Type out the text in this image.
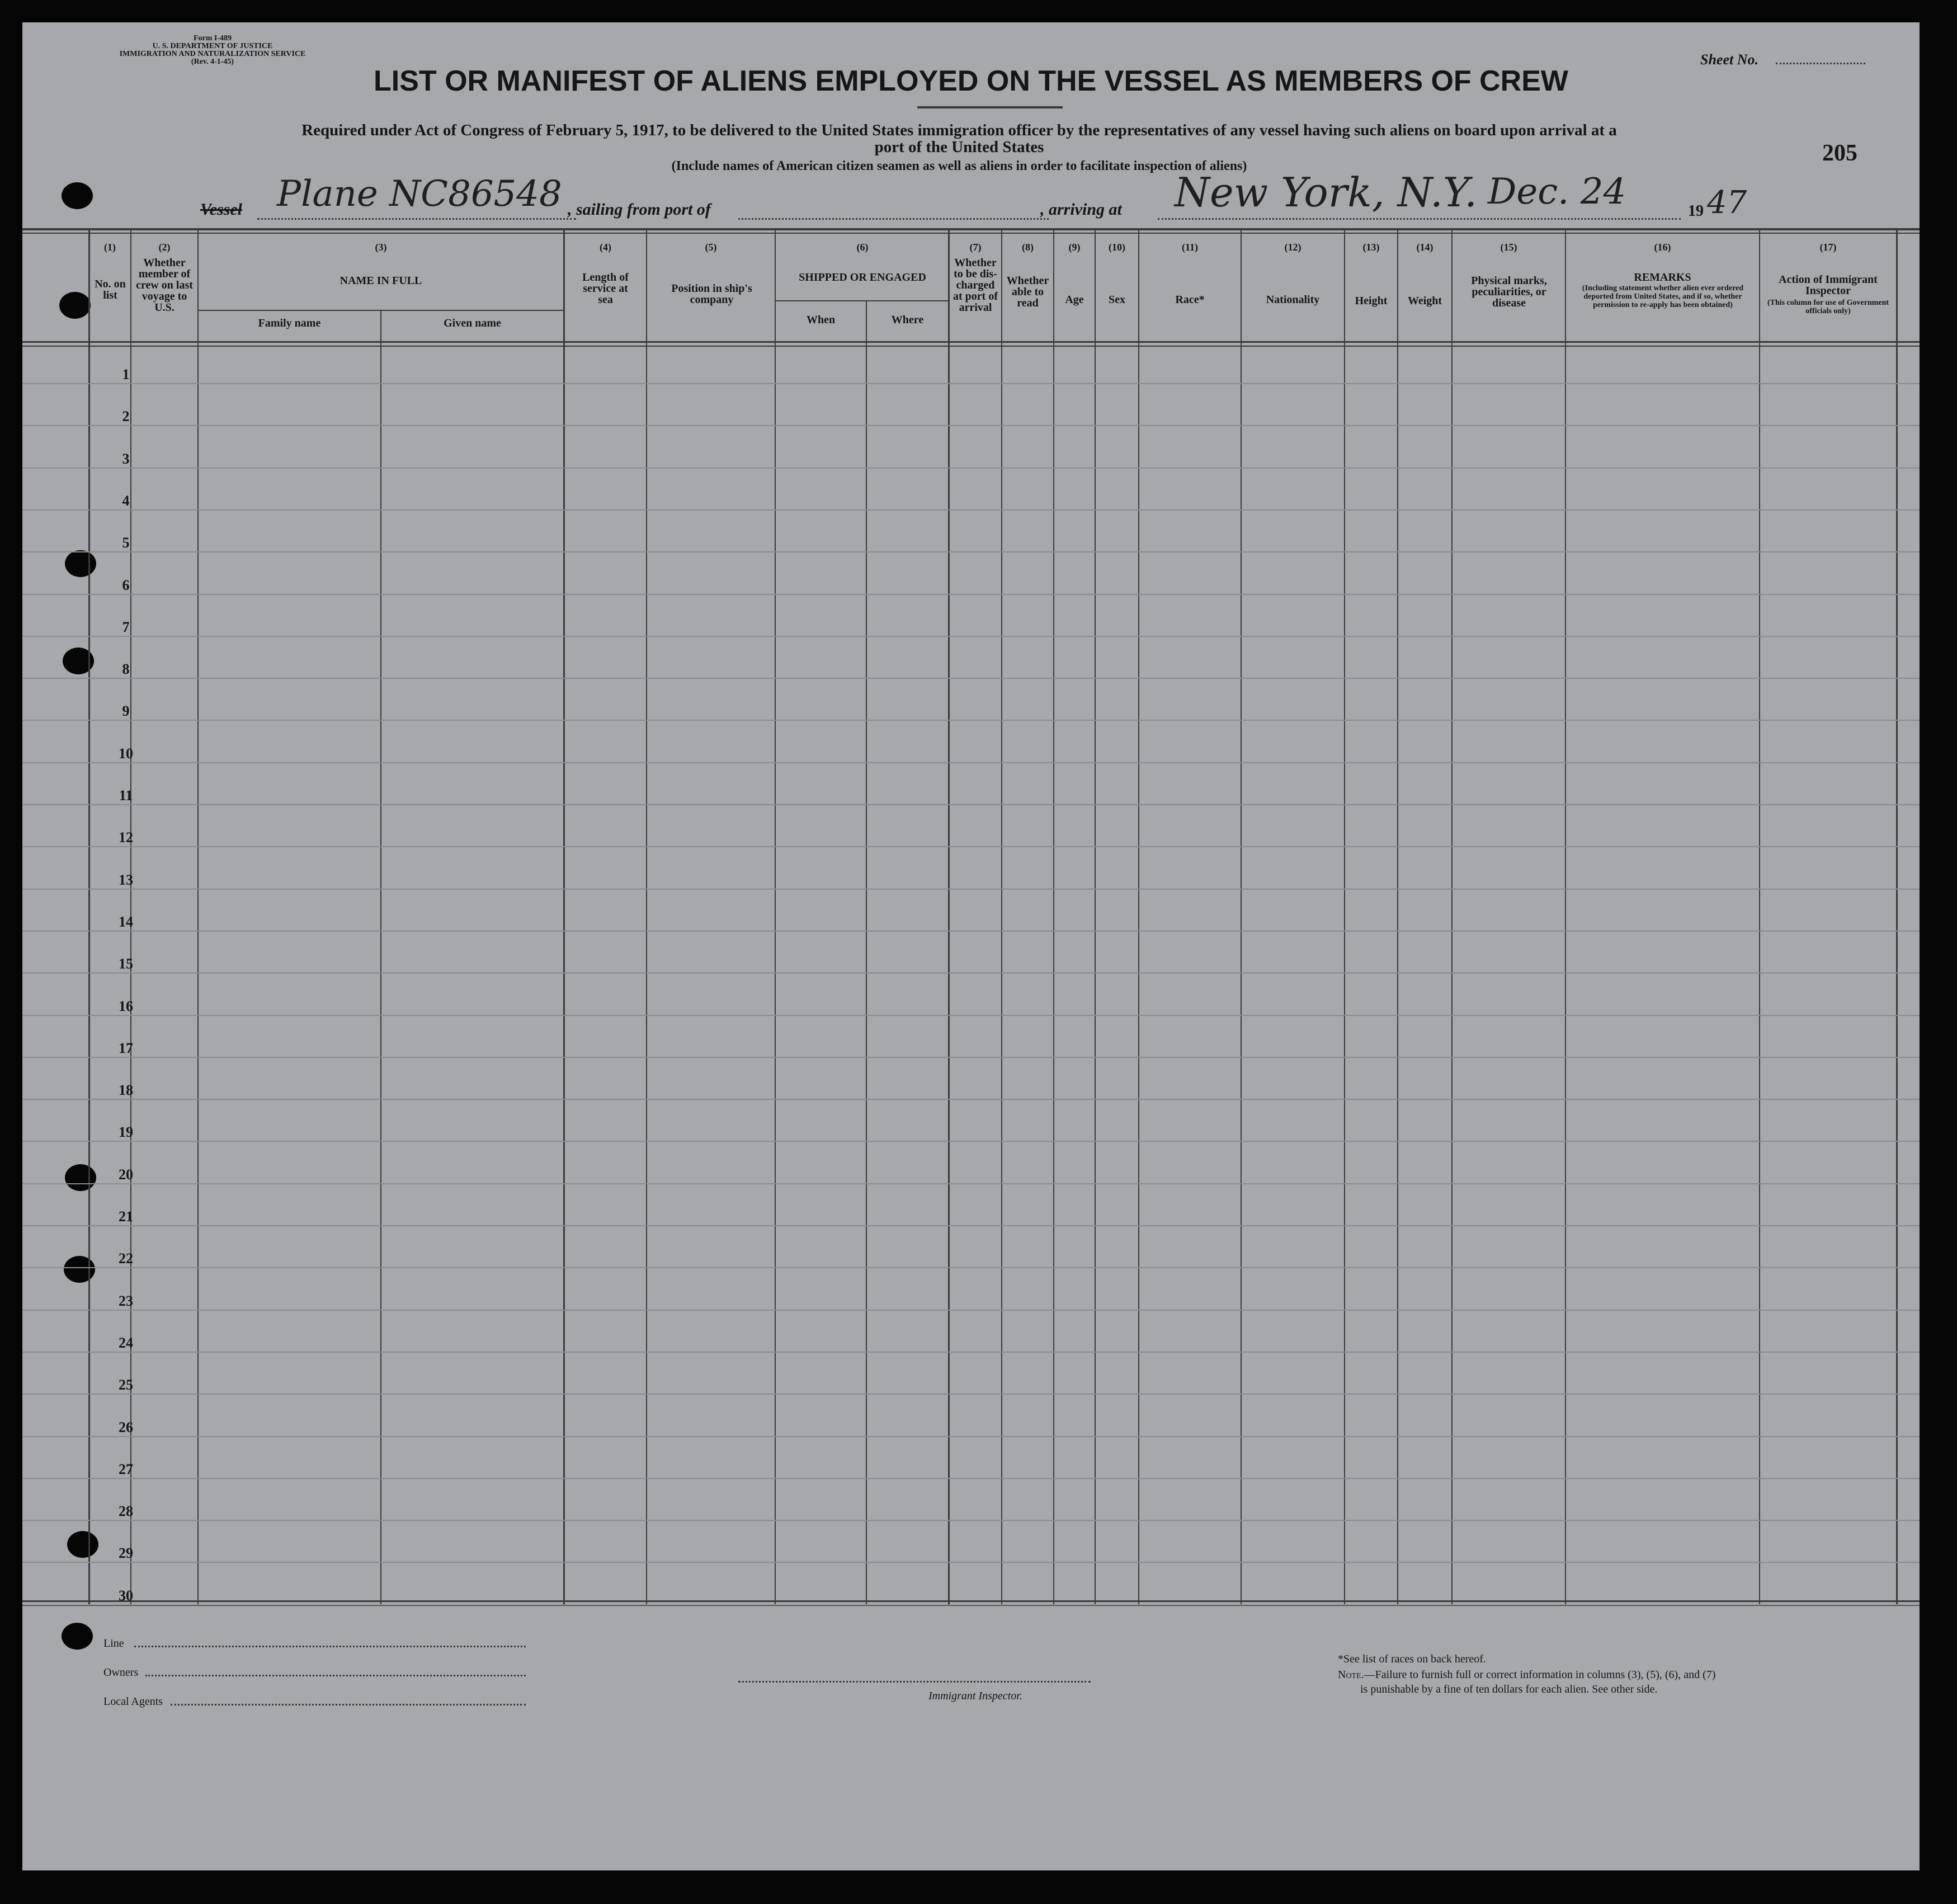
Form I-489
U. S. DEPARTMENT OF JUSTICE
IMMIGRATION AND NATURALIZATION SERVICE
(Rev. 4-1-45)	Sheet No.
205
LIST OR MANIFEST OF ALIENS EMPLOYED ON THE VESSEL AS MEMBERS OF CREW
Required under Act of Congress of February 5, 1917, to be delivered to the United States immigration officer by the representatives of any vessel having such aliens on board upon arrival at a
port of the United States
(Include names of American citizen seamen as well as aliens in order to facilitate inspection of aliens)
Vessel Plane NC86548 , sailing from port of	, arriving at New York, N.Y. Dec. 24	19 47
(1)
No. on list
(2)
Whether member of crew on last voyage to U.S.
(3)
NAME IN FULL
Family name	Given name
(4)
Length of service at sea
(5)
Position in ship's company
(6)
SHIPPED OR ENGAGED
When	Where
(7)
Whether to be dis-charged at port of arrival
(8)
Whether able to read
(9)
Age
(10)
Sex
(11)
Race*
(12)
Nationality
(13)
Height
(14)
Weight
(15)
Physical marks, peculiarities, or disease
(16)
REMARKS
(Including statement whether alien ever ordered deported from United States, and if so, whether permission to re-apply has been obtained)
(17)
Action of Immigrant Inspector
(This column for use of Government officials only)
1
2
3
4
5
6
7
8
9
10
11
12
13
14
15
16
17
18
19
20
21
22
23
24
25
26
27
28
29
30
Line
Owners
Local Agents	Immigrant Inspector.
*See list of races on back hereof.
Note.—Failure to furnish full or correct information in columns (3), (5), (6), and (7)
is punishable by a fine of ten dollars for each alien. See other side.
